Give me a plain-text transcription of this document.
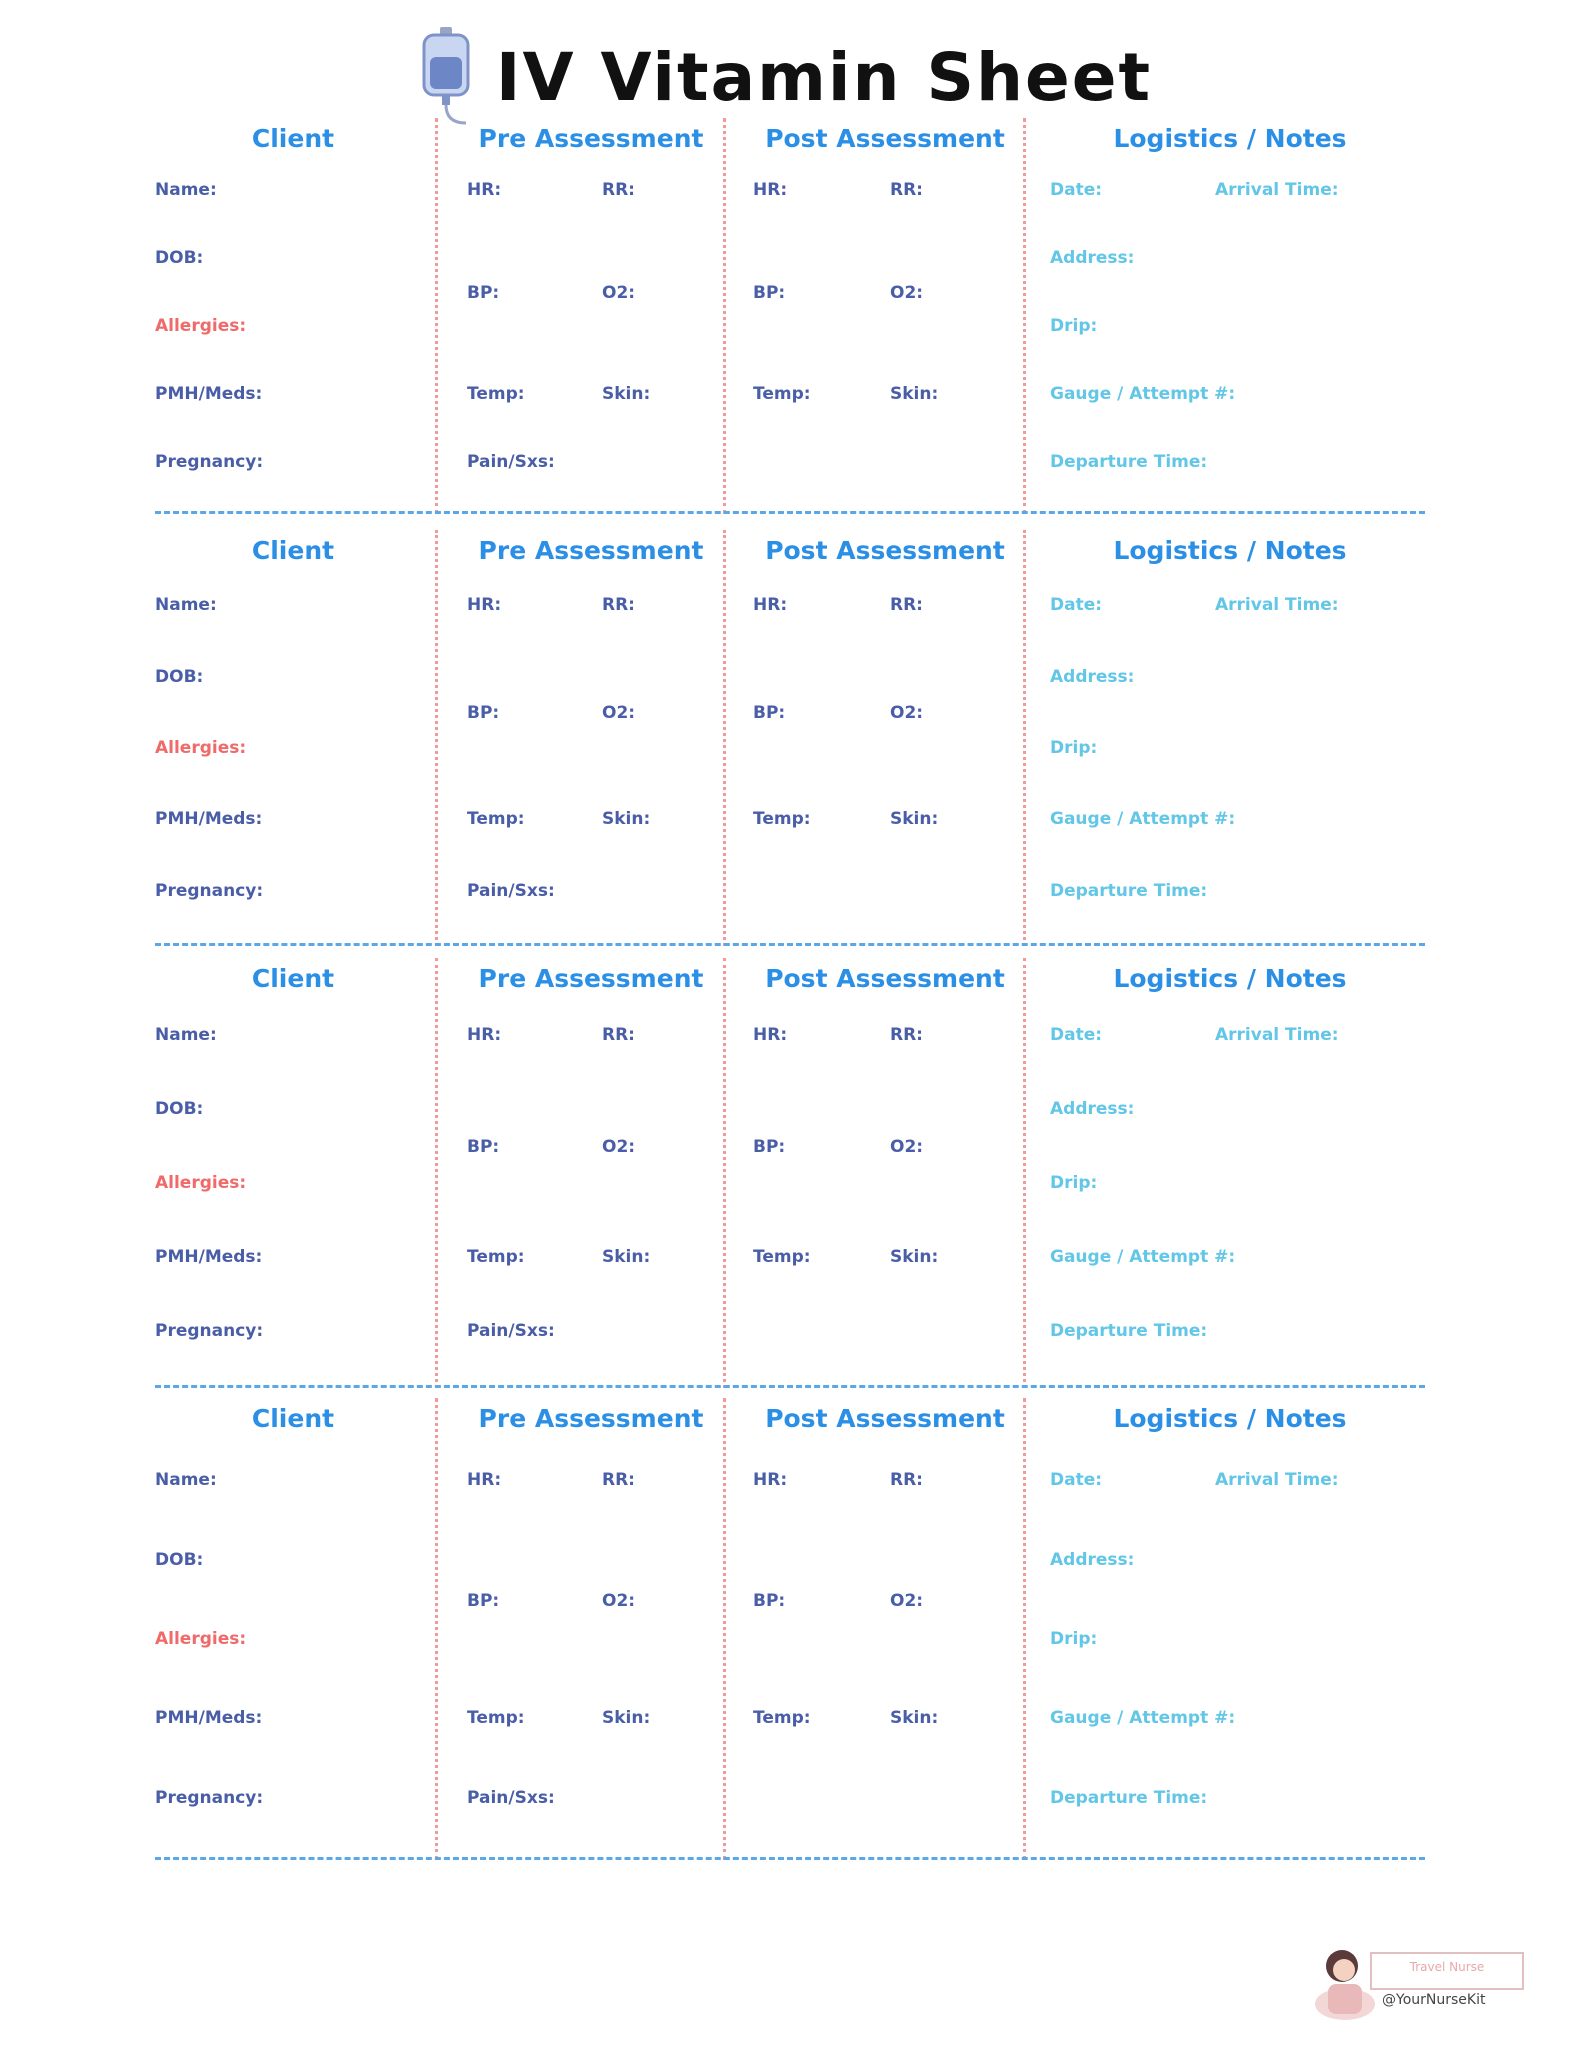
IV Vitamin Sheet
Client
Name:
DOB:
Allergies:
PMH/Meds:
Pregnancy:
Pre Assessment
HR:	RR:
BP:	O2:
Temp:	Skin:
Pain/Sxs:
Post Assessment
HR:	RR:
BP:	O2:
Temp:	Skin:
Logistics / Notes
Date:	Arrival Time:
Address:
Drip:
Gauge / Attempt #:
Departure Time:
Client
Name:
DOB:
Allergies:
PMH/Meds:
Pregnancy:
Pre Assessment
HR:	RR:
BP:	O2:
Temp:	Skin:
Pain/Sxs:
Post Assessment
HR:	RR:
BP:	O2:
Temp:	Skin:
Logistics / Notes
Date:	Arrival Time:
Address:
Drip:
Gauge / Attempt #:
Departure Time:
Client
Name:
DOB:
Allergies:
PMH/Meds:
Pregnancy:
Pre Assessment
HR:	RR:
BP:	O2:
Temp:	Skin:
Pain/Sxs:
Post Assessment
HR:	RR:
BP:	O2:
Temp:	Skin:
Logistics / Notes
Date:	Arrival Time:
Address:
Drip:
Gauge / Attempt #:
Departure Time:
Client
Name:
DOB:
Allergies:
PMH/Meds:
Pregnancy:
Pre Assessment
HR:	RR:
BP:	O2:
Temp:	Skin:
Pain/Sxs:
Post Assessment
HR:	RR:
BP:	O2:
Temp:	Skin:
Logistics / Notes
Date:	Arrival Time:
Address:
Drip:
Gauge / Attempt #:
Departure Time:
Travel Nurse
@YourNurseKit
